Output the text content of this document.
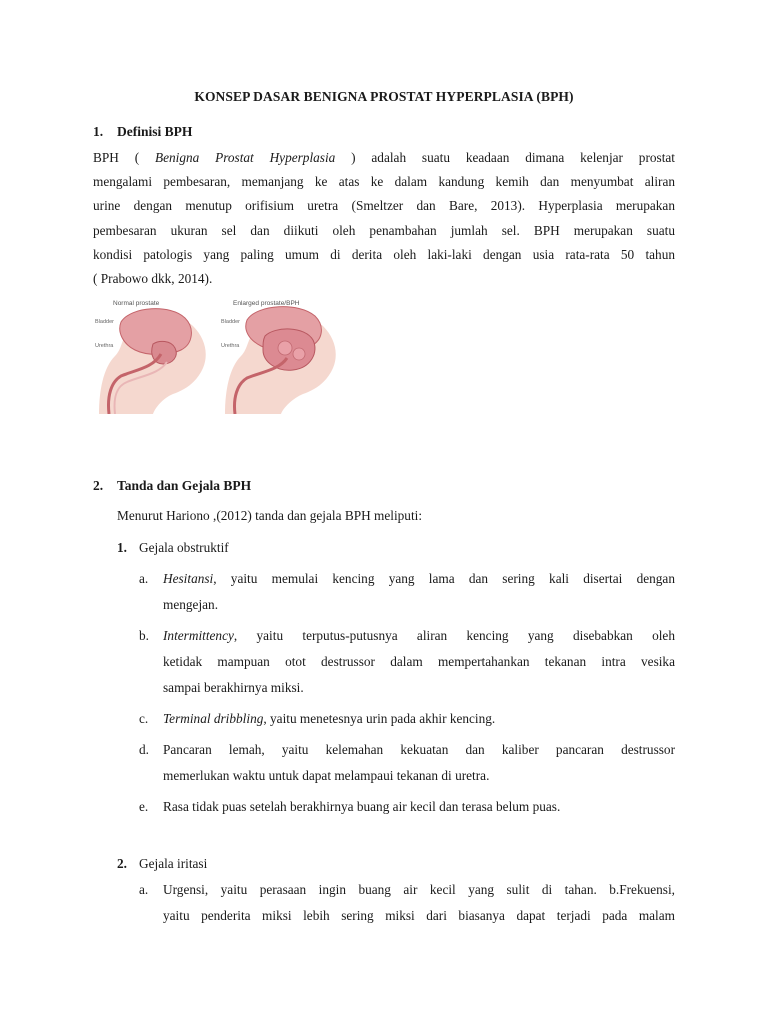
KONSEP DASAR BENIGNA PROSTAT HYPERPLASIA (BPH)
1. Definisi BPH
BPH ( Benigna Prostat Hyperplasia ) adalah suatu keadaan dimana kelenjar prostat
mengalami pembesaran, memanjang ke atas ke dalam kandung kemih dan menyumbat aliran
urine dengan menutup orifisium uretra (Smeltzer dan Bare, 2013). Hyperplasia merupakan
pembesaran ukuran sel dan diikuti oleh penambahan jumlah sel. BPH merupakan suatu
kondisi patologis yang paling umum di derita oleh laki-laki dengan usia rata-rata 50 tahun
( Prabowo dkk, 2014).
Normal prostate
Bladder
Urethra
Enlarged prostate/BPH
Bladder
Urethra
2. Tanda dan Gejala BPH
Menurut Hariono ,(2012) tanda dan gejala BPH meliputi:
1. Gejala obstruktif
a.	Hesitansi, yaitu memulai kencing yang lama dan sering kali disertai dengan
mengejan.
b.	Intermittency, yaitu terputus-putusnya aliran kencing yang disebabkan oleh
ketidak mampuan otot destrussor dalam mempertahankan tekanan intra vesika
sampai berakhirnya miksi.
c.	Terminal dribbling, yaitu menetesnya urin pada akhir kencing.
d.	Pancaran lemah, yaitu kelemahan kekuatan dan kaliber pancaran destrussor
memerlukan waktu untuk dapat melampaui tekanan di uretra.
e.	Rasa tidak puas setelah berakhirnya buang air kecil dan terasa belum puas.
2. Gejala iritasi
a.	Urgensi, yaitu perasaan ingin buang air kecil yang sulit di tahan. b.Frekuensi,
yaitu penderita miksi lebih sering miksi dari biasanya dapat terjadi pada malam
